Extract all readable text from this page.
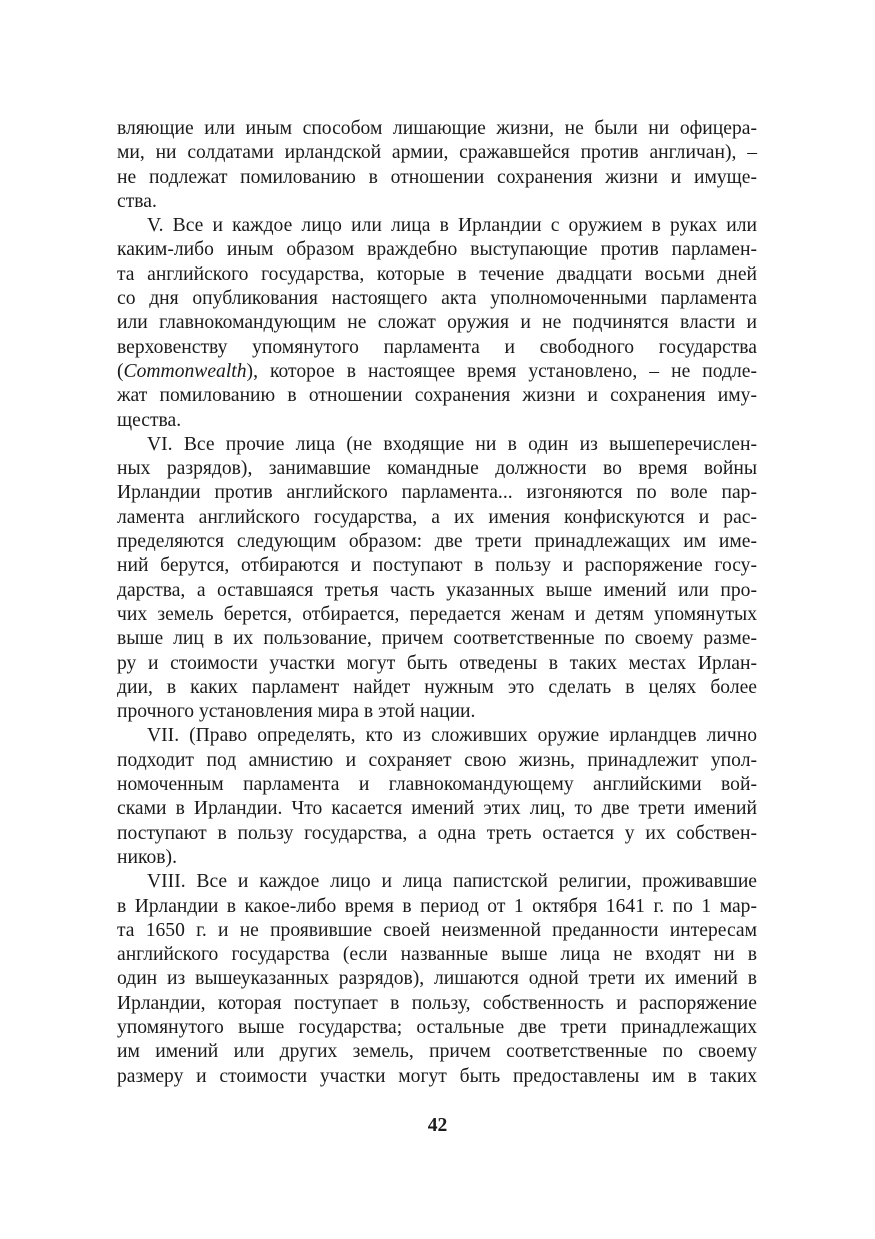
вляющие или иным способом лишающие жизни, не были ни офицера-
ми, ни солдатами ирландской армии, сражавшейся против англичан), –
не подлежат помилованию в отношении сохранения жизни и имуще-
ства.
V. Все и каждое лицо или лица в Ирландии с оружием в руках или
каким-либо иным образом враждебно выступающие против парламен-
та английского государства, которые в течение двадцати восьми дней
со дня опубликования настоящего акта уполномоченными парламента
или главнокомандующим не сложат оружия и не подчинятся власти и
верховенству упомянутого парламента и свободного государства
(Commonwealth), которое в настоящее время установлено, – не подле-
жат помилованию в отношении сохранения жизни и сохранения иму-
щества.
VI. Все прочие лица (не входящие ни в один из вышеперечислен-
ных разрядов), занимавшие командные должности во время войны
Ирландии против английского парламента... изгоняются по воле пар-
ламента английского государства, а их имения конфискуются и рас-
пределяются следующим образом: две трети принадлежащих им име-
ний берутся, отбираются и поступают в пользу и распоряжение госу-
дарства, а оставшаяся третья часть указанных выше имений или про-
чих земель берется, отбирается, передается женам и детям упомянутых
выше лиц в их пользование, причем соответственные по своему разме-
ру и стоимости участки могут быть отведены в таких местах Ирлан-
дии, в каких парламент найдет нужным это сделать в целях более
прочного установления мира в этой нации.
VII. (Право определять, кто из сложивших оружие ирландцев лично
подходит под амнистию и сохраняет свою жизнь, принадлежит упол-
номоченным парламента и главнокомандующему английскими вой-
сками в Ирландии. Что касается имений этих лиц, то две трети имений
поступают в пользу государства, а одна треть остается у их собствен-
ников).
VIII. Все и каждое лицо и лица папистской религии, проживавшие
в Ирландии в какое-либо время в период от 1 октября 1641 г. по 1 мар-
та 1650 г. и не проявившие своей неизменной преданности интересам
английского государства (если названные выше лица не входят ни в
один из вышеуказанных разрядов), лишаются одной трети их имений в
Ирландии, которая поступает в пользу, собственность и распоряжение
упомянутого выше государства; остальные две трети принадлежащих
им имений или других земель, причем соответственные по своему
размеру и стоимости участки могут быть предоставлены им в таких
42
